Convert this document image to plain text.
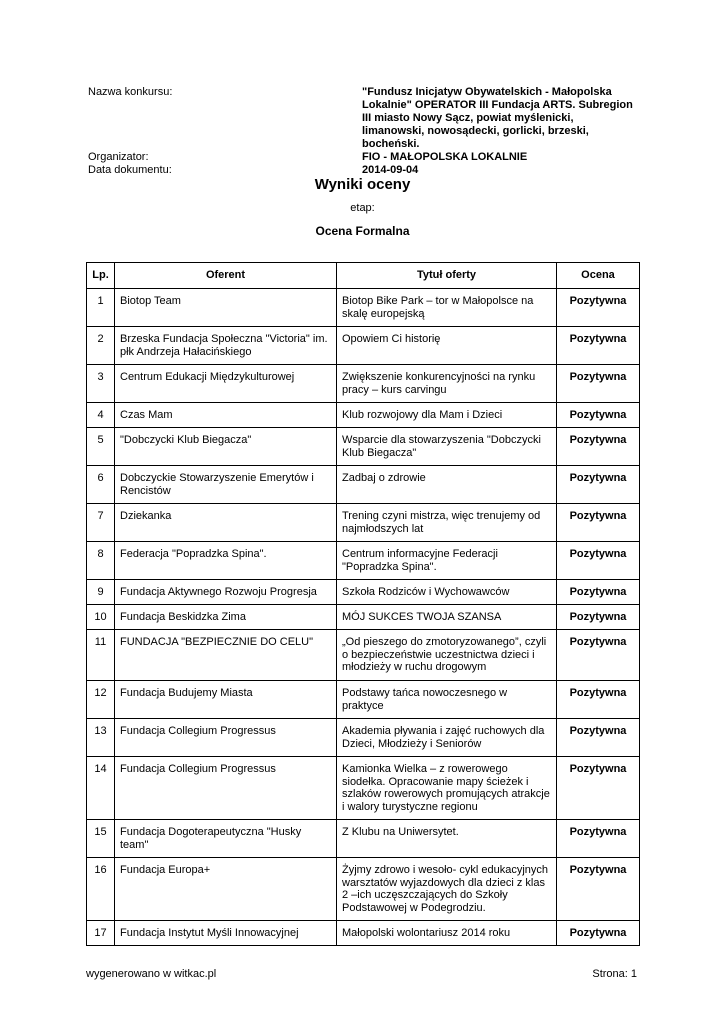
Nazwa konkursu:	"Fundusz Inicjatyw Obywatelskich - Małopolska Lokalnie" OPERATOR III Fundacja ARTS. Subregion III miasto Nowy Sącz, powiat myślenicki, limanowski, nowosądecki, gorlicki, brzeski, bocheński.
Organizator:	FIO - MAŁOPOLSKA LOKALNIE
Data dokumentu:	2014-09-04
Wyniki oceny
etap:
Ocena Formalna
Lp.	Oferent	Tytuł oferty	Ocena
1	Biotop Team	Biotop Bike Park – tor w Małopolsce na skalę europejską	Pozytywna
2	Brzeska Fundacja Społeczna "Victoria" im. płk Andrzeja Hałacińskiego	Opowiem Ci historię	Pozytywna
3	Centrum Edukacji Międzykulturowej	Zwiększenie konkurencyjności na rynku pracy – kurs carvingu	Pozytywna
4	Czas Mam	Klub rozwojowy dla Mam i Dzieci	Pozytywna
5	"Dobczycki Klub Biegacza"	Wsparcie dla stowarzyszenia "Dobczycki Klub Biegacza"	Pozytywna
6	Dobczyckie Stowarzyszenie Emerytów i Rencistów	Zadbaj o zdrowie	Pozytywna
7	Dziekanka	Trening czyni mistrza, więc trenujemy od najmłodszych lat	Pozytywna
8	Federacja "Popradzka Spina".	Centrum informacyjne Federacji "Popradzka Spina".	Pozytywna
9	Fundacja Aktywnego Rozwoju Progresja	Szkoła Rodziców i Wychowawców	Pozytywna
10	Fundacja Beskidzka Zima	MÓJ SUKCES TWOJA SZANSA	Pozytywna
11	FUNDACJA "BEZPIECZNIE DO CELU"	„Od pieszego do zmotoryzowanego”, czyli o bezpieczeństwie uczestnictwa dzieci i młodzieży w ruchu drogowym	Pozytywna
12	Fundacja Budujemy Miasta	Podstawy tańca nowoczesnego w praktyce	Pozytywna
13	Fundacja Collegium Progressus	Akademia pływania i zajęć ruchowych dla Dzieci, Młodzieży i Seniorów	Pozytywna
14	Fundacja Collegium Progressus	Kamionka Wielka – z rowerowego siodełka. Opracowanie mapy ścieżek i szlaków rowerowych promujących atrakcje i walory turystyczne regionu	Pozytywna
15	Fundacja Dogoterapeutyczna "Husky team"	Z Klubu na Uniwersytet.	Pozytywna
16	Fundacja Europa+	Żyjmy zdrowo i wesoło- cykl edukacyjnych warsztatów wyjazdowych dla dzieci z klas 2 –ich uczęszczających do Szkoły Podstawowej w Podegrodziu.	Pozytywna
17	Fundacja Instytut Myśli Innowacyjnej	Małopolski wolontariusz 2014 roku	Pozytywna
wygenerowano w witkac.pl	Strona: 1
